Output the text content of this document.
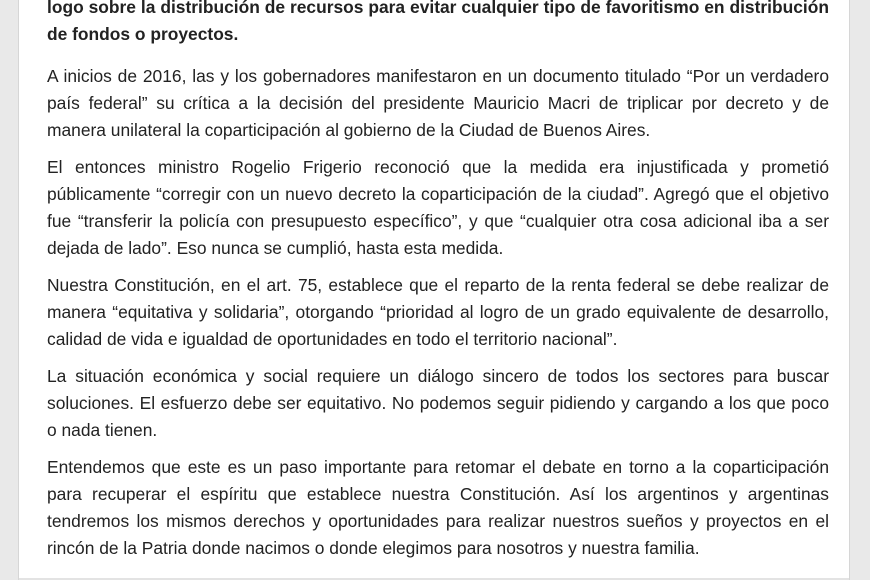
logo sobre la distribución de recursos para evitar cualquier tipo de favoritismo en distribución de fondos o proyectos.

A inicios de 2016, las y los gobernadores manifestaron en un documento titulado “Por un verdadero país federal” su crítica a la decisión del presidente Mauricio Macri de triplicar por decreto y de manera unilateral la coparticipación al gobierno de la Ciudad de Buenos Aires.

El entonces ministro Rogelio Frigerio reconoció que la medida era injustificada y prometió públicamente “corregir con un nuevo decreto la coparticipación de la ciudad”. Agregó que el objetivo fue “transferir la policía con presupuesto específico”, y que “cualquier otra cosa adicional iba a ser dejada de lado”. Eso nunca se cumplió, hasta esta medida.

Nuestra Constitución, en el art. 75, establece que el reparto de la renta federal se debe realizar de manera “equitativa y solidaria”, otorgando “prioridad al logro de un grado equivalente de desarrollo, calidad de vida e igualdad de oportunidades en todo el territorio nacional”.

La situación económica y social requiere un diálogo sincero de todos los sectores para buscar soluciones. El esfuerzo debe ser equitativo. No podemos seguir pidiendo y cargando a los que poco o nada tienen.

Entendemos que este es un paso importante para retomar el debate en torno a la coparticipación para recuperar el espíritu que establece nuestra Constitución. Así los argentinos y argentinas tendremos los mismos derechos y oportunidades para realizar nuestros sueños y proyectos en el rincón de la Patria donde nacimos o donde elegimos para nosotros y nuestra familia.
